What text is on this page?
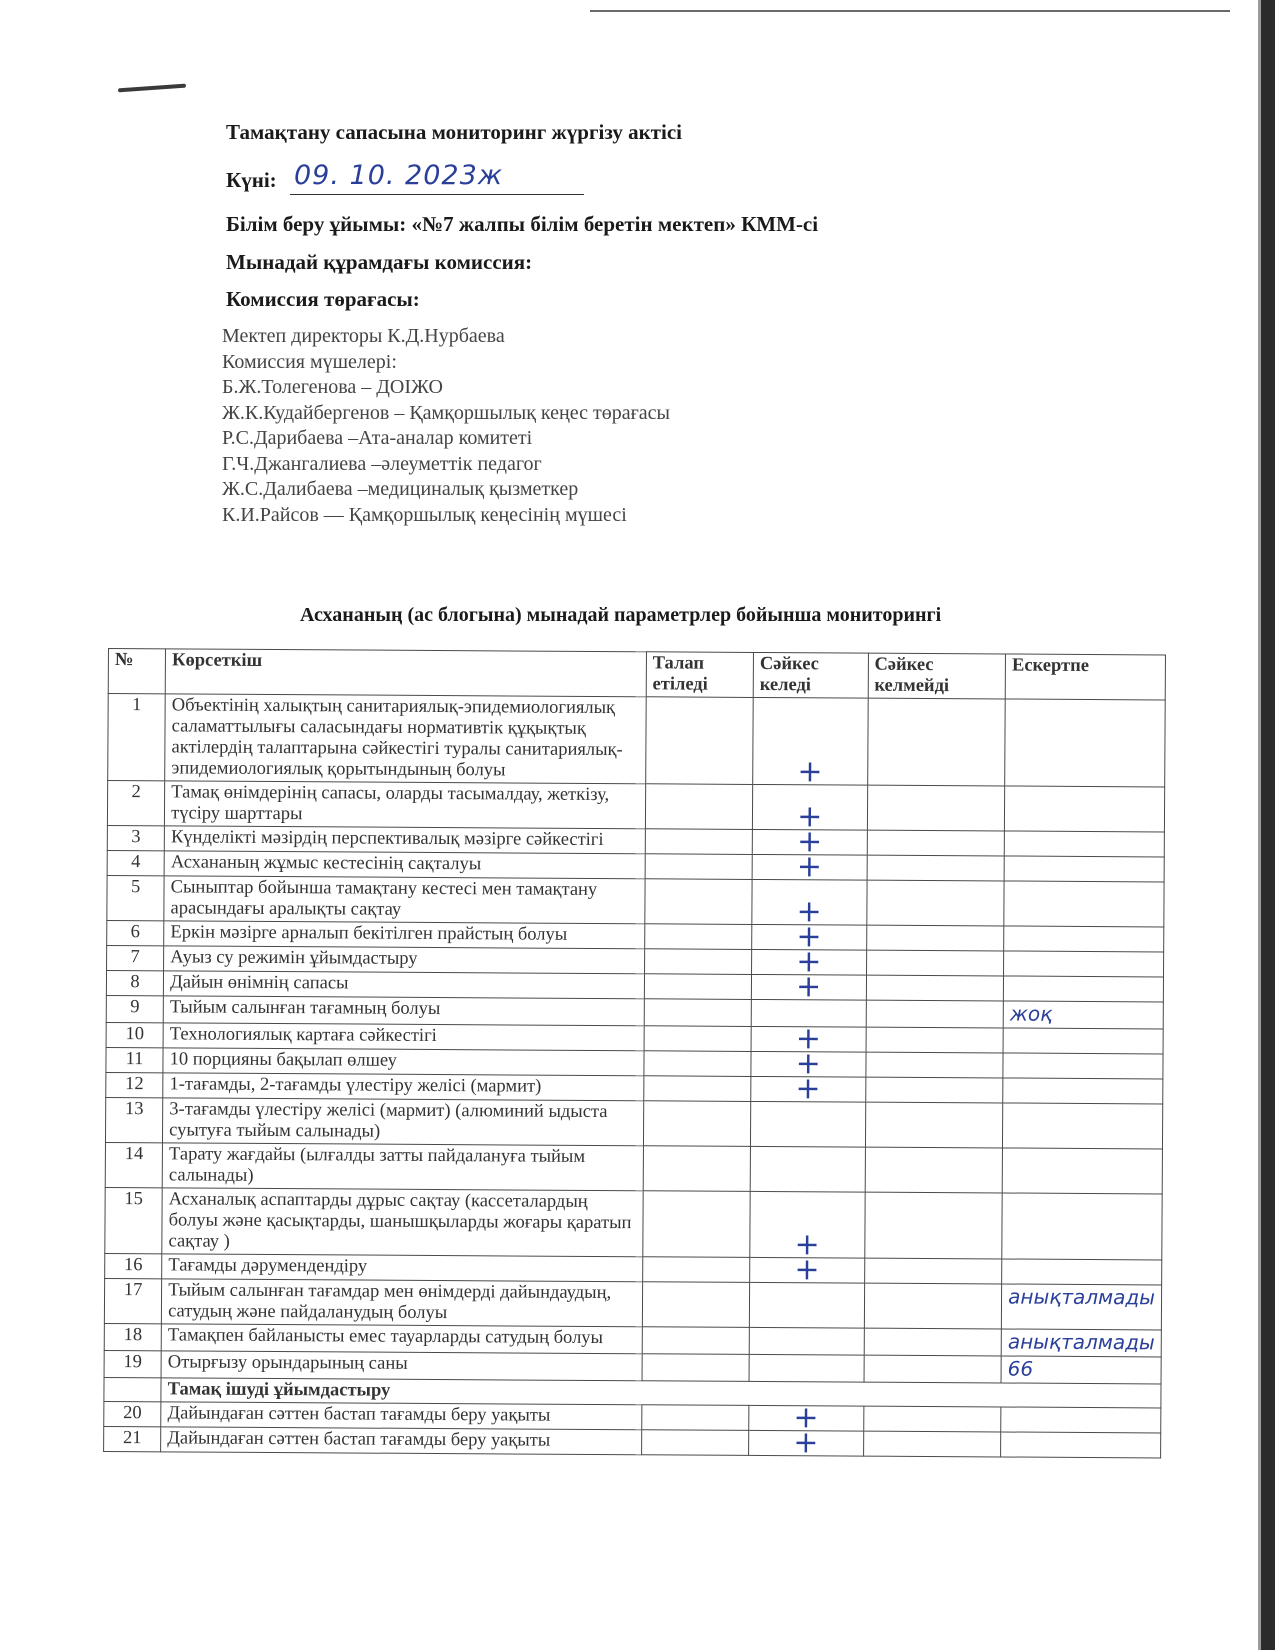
Тамақтану сапасына мониторинг жүргізу актісі
Күні: 09. 10. 2023ж
Білім беру ұйымы: «№7 жалпы білім беретін мектеп» КММ-сі
Мынадай құрамдағы комиссия:
Комиссия төрағасы:
Мектеп директоры К.Д.Нурбаева
Комиссия мүшелері:
Б.Ж.Толегенова – ДОІЖО
Ж.К.Кудайбергенов – Қамқоршылық кеңес төрағасы
Р.С.Дарибаева –Ата-аналар комитеті
Г.Ч.Джангалиева –әлеуметтік педагог
Ж.С.Далибаева –медициналық қызметкер
К.И.Райсов — Қамқоршылық кеңесінің мүшесі
Асхананың (ас блогына) мынадай параметрлер бойынша мониторингі
№	Көрсеткіш	Талап етіледі	Сәйкес келеді	Сәйкес келмейді	Ескертпе
1	Объектінің халықтың санитариялық-эпидемиологиялық саламаттылығы саласындағы нормативтік құқықтық актілердің талаптарына сәйкестігі туралы санитариялық-эпидемиологиялық қорытындының болуы		+		
2	Тамақ өнімдерінің сапасы, оларды тасымалдау, жеткізу, түсіру шарттары		+		
3	Күнделікті мәзірдің перспективалық мәзірге сәйкестігі		+		
4	Асхананың жұмыс кестесінің сақталуы		+		
5	Сыныптар бойынша тамақтану кестесі мен тамақтану арасындағы аралықты сақтау		+		
6	Еркін мәзірге арналып бекітілген прайстың болуы		+		
7	Ауыз су режимін ұйымдастыру		+		
8	Дайын өнімнің сапасы		+		
9	Тыйым салынған тағамның болуы				жоқ
10	Технологиялық картаға сәйкестігі		+		
11	10 порцияны бақылап өлшеу		+		
12	1-тағамды, 2-тағамды үлестіру желісі (мармит)		+		
13	3-тағамды үлестіру желісі (мармит) (алюминий ыдыста суытуға тыйым салынады)				
14	Тарату жағдайы (ылғалды затты пайдалануға тыйым салынады)				
15	Асханалық аспаптарды дұрыс сақтау (кассеталардың болуы және қасықтарды, шанышқыларды жоғары қаратып сақтау )		+		
16	Тағамды дәрумендендіру		+		
17	Тыйым салынған тағамдар мен өнімдерді дайындаудың, сатудың және пайдаланудың болуы				анықталмады
18	Тамақпен байланысты емес тауарларды сатудың болуы				анықталмады
19	Отырғызу орындарының саны				66
	Тамақ ішуді ұйымдастыру				
20	Дайындаған сәттен бастап тағамды беру уақыты		+		
21	Дайындаған сәттен бастап тағамды беру уақыты		+		
